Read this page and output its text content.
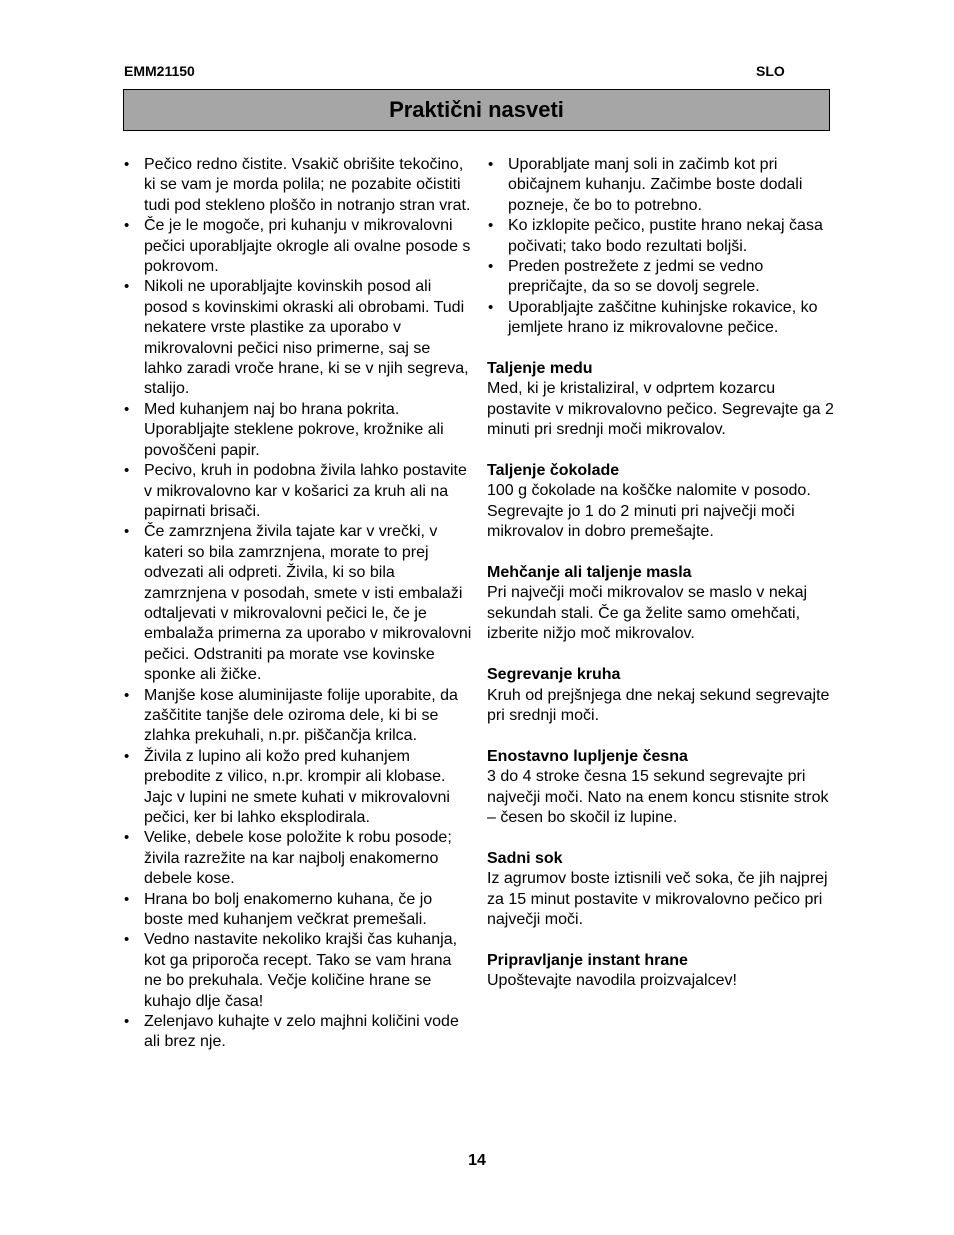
EMM21150	SLO
Praktični nasveti
• Pečico redno čistite. Vsakič obrišite tekočino, ki se vam je morda polila; ne pozabite očistiti tudi pod stekleno ploščo in notranjo stran vrat.
• Če je le mogoče, pri kuhanju v mikrovalovni pečici uporabljajte okrogle ali ovalne posode s pokrovom.
• Nikoli ne uporabljajte kovinskih posod ali posod s kovinskimi okraski ali obrobami. Tudi nekatere vrste plastike za uporabo v mikrovalovni pečici niso primerne, saj se lahko zaradi vroče hrane, ki se v njih segreva, stalijo.
• Med kuhanjem naj bo hrana pokrita. Uporabljajte steklene pokrove, krožnike ali povoščeni papir.
• Pecivo, kruh in podobna živila lahko postavite v mikrovalovno kar v košarici za kruh ali na papirnati brisači.
• Če zamrznjena živila tajate kar v vrečki, v kateri so bila zamrznjena, morate to prej odvezati ali odpreti. Živila, ki so bila zamrznjena v posodah, smete v isti embalaži odtaljevati v mikrovalovni pečici le, če je embalaža primerna za uporabo v mikrovalovni pečici. Odstraniti pa morate vse kovinske sponke ali žičke.
• Manjše kose aluminijaste folije uporabite, da zaščitite tanjše dele oziroma dele, ki bi se zlahka prekuhali, n.pr. piščančja krilca.
• Živila z lupino ali kožo pred kuhanjem prebodite z vilico, n.pr. krompir ali klobase. Jajc v lupini ne smete kuhati v mikrovalovni pečici, ker bi lahko eksplodirala.
• Velike, debele kose položite k robu posode; živila razrežite na kar najbolj enakomerno debele kose.
• Hrana bo bolj enakomerno kuhana, če jo boste med kuhanjem večkrat premešali.
• Vedno nastavite nekoliko krajši čas kuhanja, kot ga priporoča recept. Tako se vam hrana ne bo prekuhala. Večje količine hrane se kuhajo dlje časa!
• Zelenjavo kuhajte v zelo majhni količini vode ali brez nje.
• Uporabljate manj soli in začimb kot pri običajnem kuhanju. Začimbe boste dodali pozneje, če bo to potrebno.
• Ko izklopite pečico, pustite hrano nekaj časa počivati; tako bodo rezultati boljši.
• Preden postrežete z jedmi se vedno prepričajte, da so se dovolj segrele.
• Uporabljajte zaščitne kuhinjske rokavice, ko jemljete hrano iz mikrovalovne pečice.
Taljenje medu
Med, ki je kristaliziral, v odprtem kozarcu postavite v mikrovalovno pečico. Segrevajte ga 2 minuti pri srednji moči mikrovalov.
Taljenje čokolade
100 g čokolade na koščke nalomite v posodo. Segrevajte jo 1 do 2 minuti pri največji moči mikrovalov in dobro premešajte.
Mehčanje ali taljenje masla
Pri največji moči mikrovalov se maslo v nekaj sekundah stali. Če ga želite samo omehčati, izberite nižjo moč mikrovalov.
Segrevanje kruha
Kruh od prejšnjega dne nekaj sekund segrevajte pri srednji moči.
Enostavno lupljenje česna
3 do 4 stroke česna 15 sekund segrevajte pri največji moči. Nato na enem koncu stisnite strok – česen bo skočil iz lupine.
Sadni sok
Iz agrumov boste iztisnili več soka, če jih najprej za 15 minut postavite v mikrovalovno pečico pri največji moči.
Pripravljanje instant hrane
Upoštevajte navodila proizvajalcev!
14
